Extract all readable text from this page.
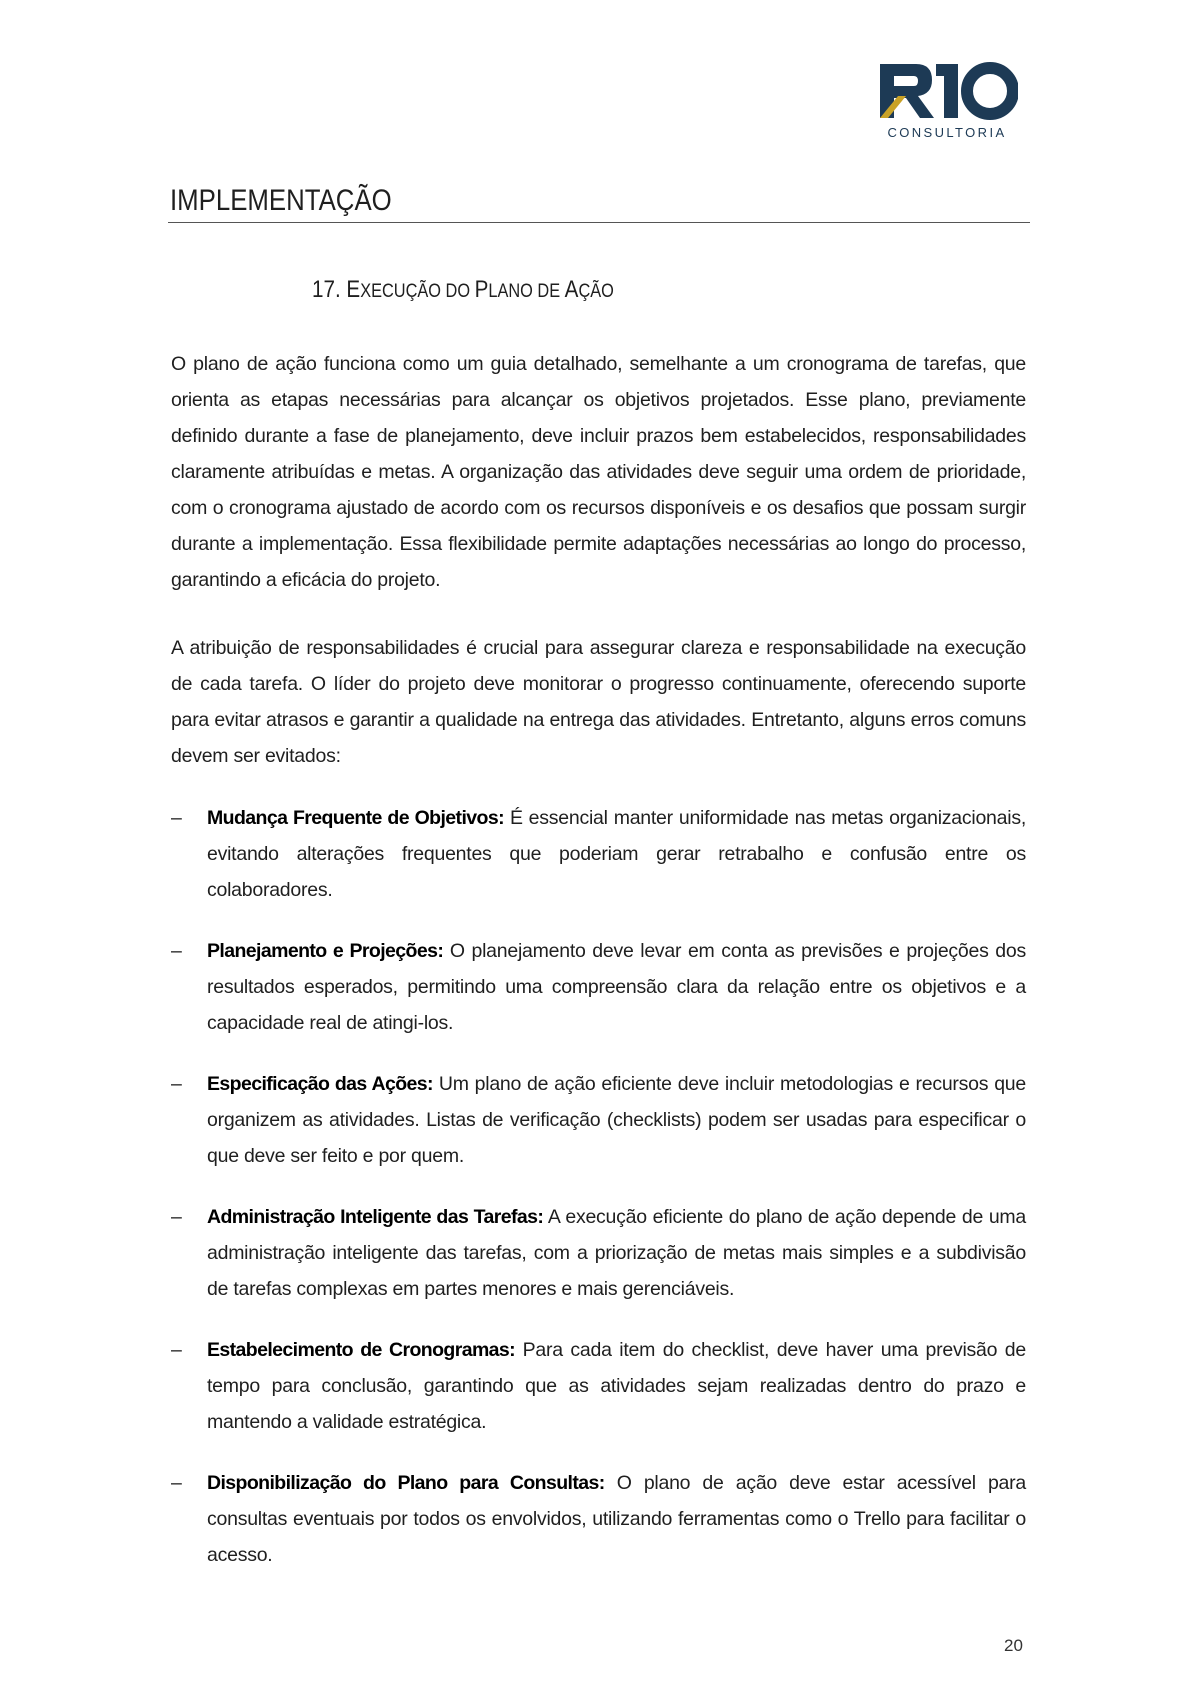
CONSULTORIA
IMPLEMENTAÇÃO
17. EXECUÇÃO DO PLANO DE AÇÃO

O plano de ação funciona como um guia detalhado, semelhante a um cronograma de tarefas, que orienta as etapas necessárias para alcançar os objetivos projetados. Esse plano, previamente definido durante a fase de planejamento, deve incluir prazos bem estabelecidos, responsabilidades claramente atribuídas e metas. A organização das atividades deve seguir uma ordem de prioridade, com o cronograma ajustado de acordo com os recursos disponíveis e os desafios que possam surgir durante a implementação. Essa flexibilidade permite adaptações necessárias ao longo do processo, garantindo a eficácia do projeto.

A atribuição de responsabilidades é crucial para assegurar clareza e responsabilidade na execução de cada tarefa. O líder do projeto deve monitorar o progresso continuamente, oferecendo suporte para evitar atrasos e garantir a qualidade na entrega das atividades. Entretanto, alguns erros comuns devem ser evitados:

– Mudança Frequente de Objetivos: É essencial manter uniformidade nas metas organizacionais, evitando alterações frequentes que poderiam gerar retrabalho e confusão entre os colaboradores.
– Planejamento e Projeções: O planejamento deve levar em conta as previsões e projeções dos resultados esperados, permitindo uma compreensão clara da relação entre os objetivos e a capacidade real de atingi-los.
– Especificação das Ações: Um plano de ação eficiente deve incluir metodologias e recursos que organizem as atividades. Listas de verificação (checklists) podem ser usadas para especificar o que deve ser feito e por quem.
– Administração Inteligente das Tarefas: A execução eficiente do plano de ação depende de uma administração inteligente das tarefas, com a priorização de metas mais simples e a subdivisão de tarefas complexas em partes menores e mais gerenciáveis.
– Estabelecimento de Cronogramas: Para cada item do checklist, deve haver uma previsão de tempo para conclusão, garantindo que as atividades sejam realizadas dentro do prazo e mantendo a validade estratégica.
– Disponibilização do Plano para Consultas: O plano de ação deve estar acessível para consultas eventuais por todos os envolvidos, utilizando ferramentas como o Trello para facilitar o acesso.
20
